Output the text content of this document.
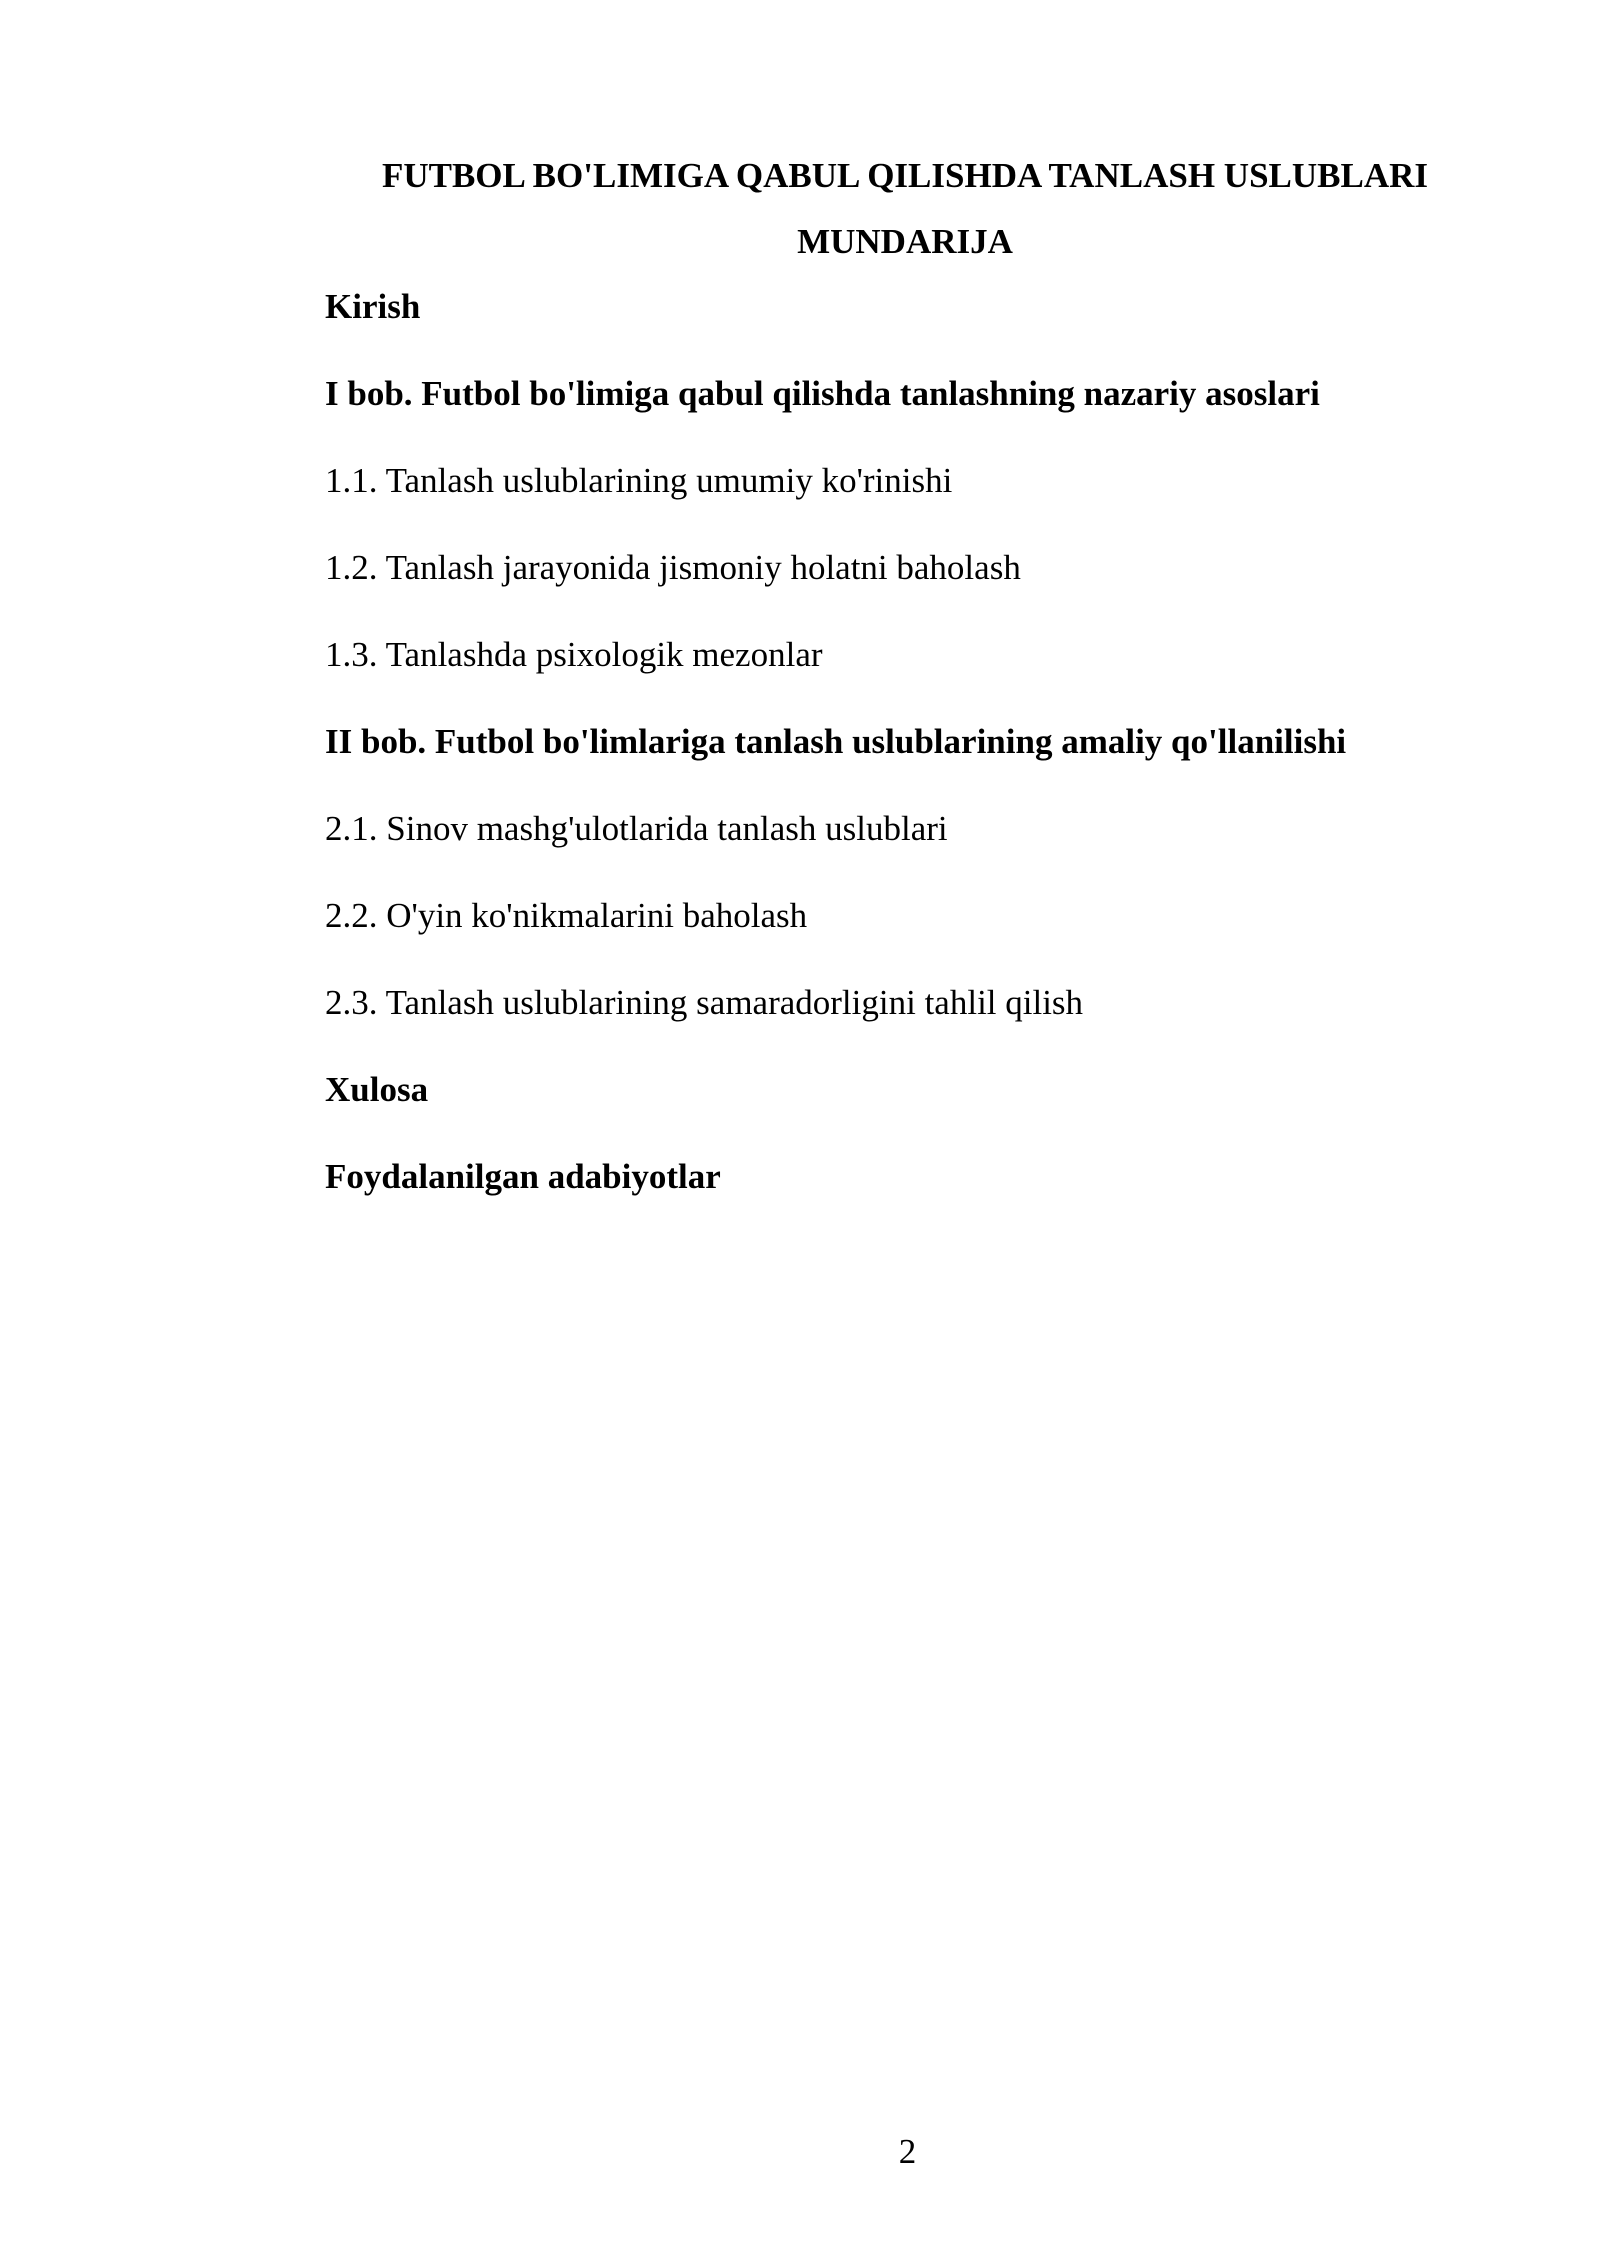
FUTBOL BO'LIMIGA QABUL QILISHDA TANLASH USLUBLARI
MUNDARIJA
Kirish
I bob. Futbol bo'limiga qabul qilishda tanlashning nazariy asoslari
1.1. Tanlash uslublarining umumiy ko'rinishi
1.2. Tanlash jarayonida jismoniy holatni baholash
1.3. Tanlashda psixologik mezonlar
II bob. Futbol bo'limlariga tanlash uslublarining amaliy qo'llanilishi
2.1. Sinov mashg'ulotlarida tanlash uslublari
2.2. O'yin ko'nikmalarini baholash
2.3. Tanlash uslublarining samaradorligini tahlil qilish
Xulosa
Foydalanilgan adabiyotlar
2
